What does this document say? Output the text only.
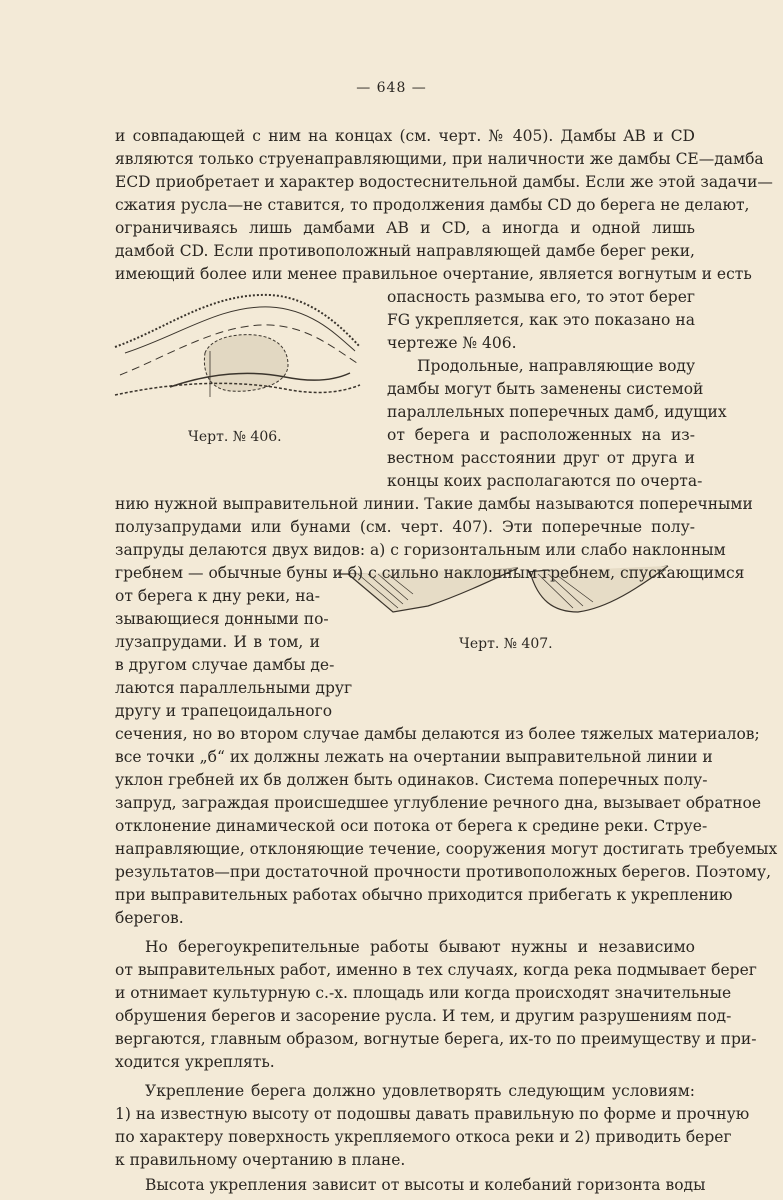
— 648 —
Черт. № 406.
Черт. № 407.
и совпадающей с ним на концах (см. черт. № 405). Дамбы AB и CD
являются только струенаправляющими, при наличности же дамбы CE—дамба
ECD приобретает и характер водостеснительной дамбы. Если же этой задачи—
сжатия русла—не ставится, то продолжения дамбы CD до берега не делают,
ограничиваясь лишь дамбами AB и CD, а иногда и одной лишь
дамбой CD. Если противоположный направляющей дамбе берег реки,
имеющий более или менее правильное очертание, является вогнутым и есть
опасность размыва его, то этот берег
FG укрепляется, как это показано на
чертеже № 406.
Продольные, направляющие воду
дамбы могут быть заменены системой
параллельных поперечных дамб, идущих
от берега и расположенных на из-
вестном расстоянии друг от друга и
концы коих располагаются по очерта-
нию нужной выправительной линии. Такие дамбы называются поперечными
полузапрудами или бунами (см. черт. 407). Эти поперечные полу-
запруды делаются двух видов: а) с горизонтальным или слабо наклонным
гребнем — обычные буны и б) с сильно наклонным гребнем, спускающимся
от берега к дну реки, на-
зывающиеся донными по-
лузапрудами. И в том, и
в другом случае дамбы де-
лаются параллельными друг
другу и трапецоидального
сечения, но во втором случае дамбы делаются из более тяжелых материалов;
все точки „б“ их должны лежать на очертании выправительной линии и
уклон гребней их бв должен быть одинаков. Система поперечных полу-
запруд, заграждая происшедшее углубление речного дна, вызывает обратное
отклонение динамической оси потока от берега к средине реки. Струе-
направляющие, отклоняющие течение, сооружения могут достигать требуемых
результатов—при достаточной прочности противоположных берегов. Поэтому,
при выправительных работах обычно приходится прибегать к укреплению
берегов.
Но берегоукрепительные работы бывают нужны и независимо
от выправительных работ, именно в тех случаях, когда река подмывает берег
и отнимает культурную с.-х. площадь или когда происходят значительные
обрушения берегов и засорение русла. И тем, и другим разрушениям под-
вергаются, главным образом, вогнутые берега, их-то по преимуществу и при-
ходится укреплять.
Укрепление берега должно удовлетворять следующим условиям:
1) на известную высоту от подошвы давать правильную по форме и прочную
по характеру поверхность укрепляемого откоса реки и 2) приводить берег
к правильному очертанию в плане.
Высота укрепления зависит от высоты и колебаний горизонта воды
